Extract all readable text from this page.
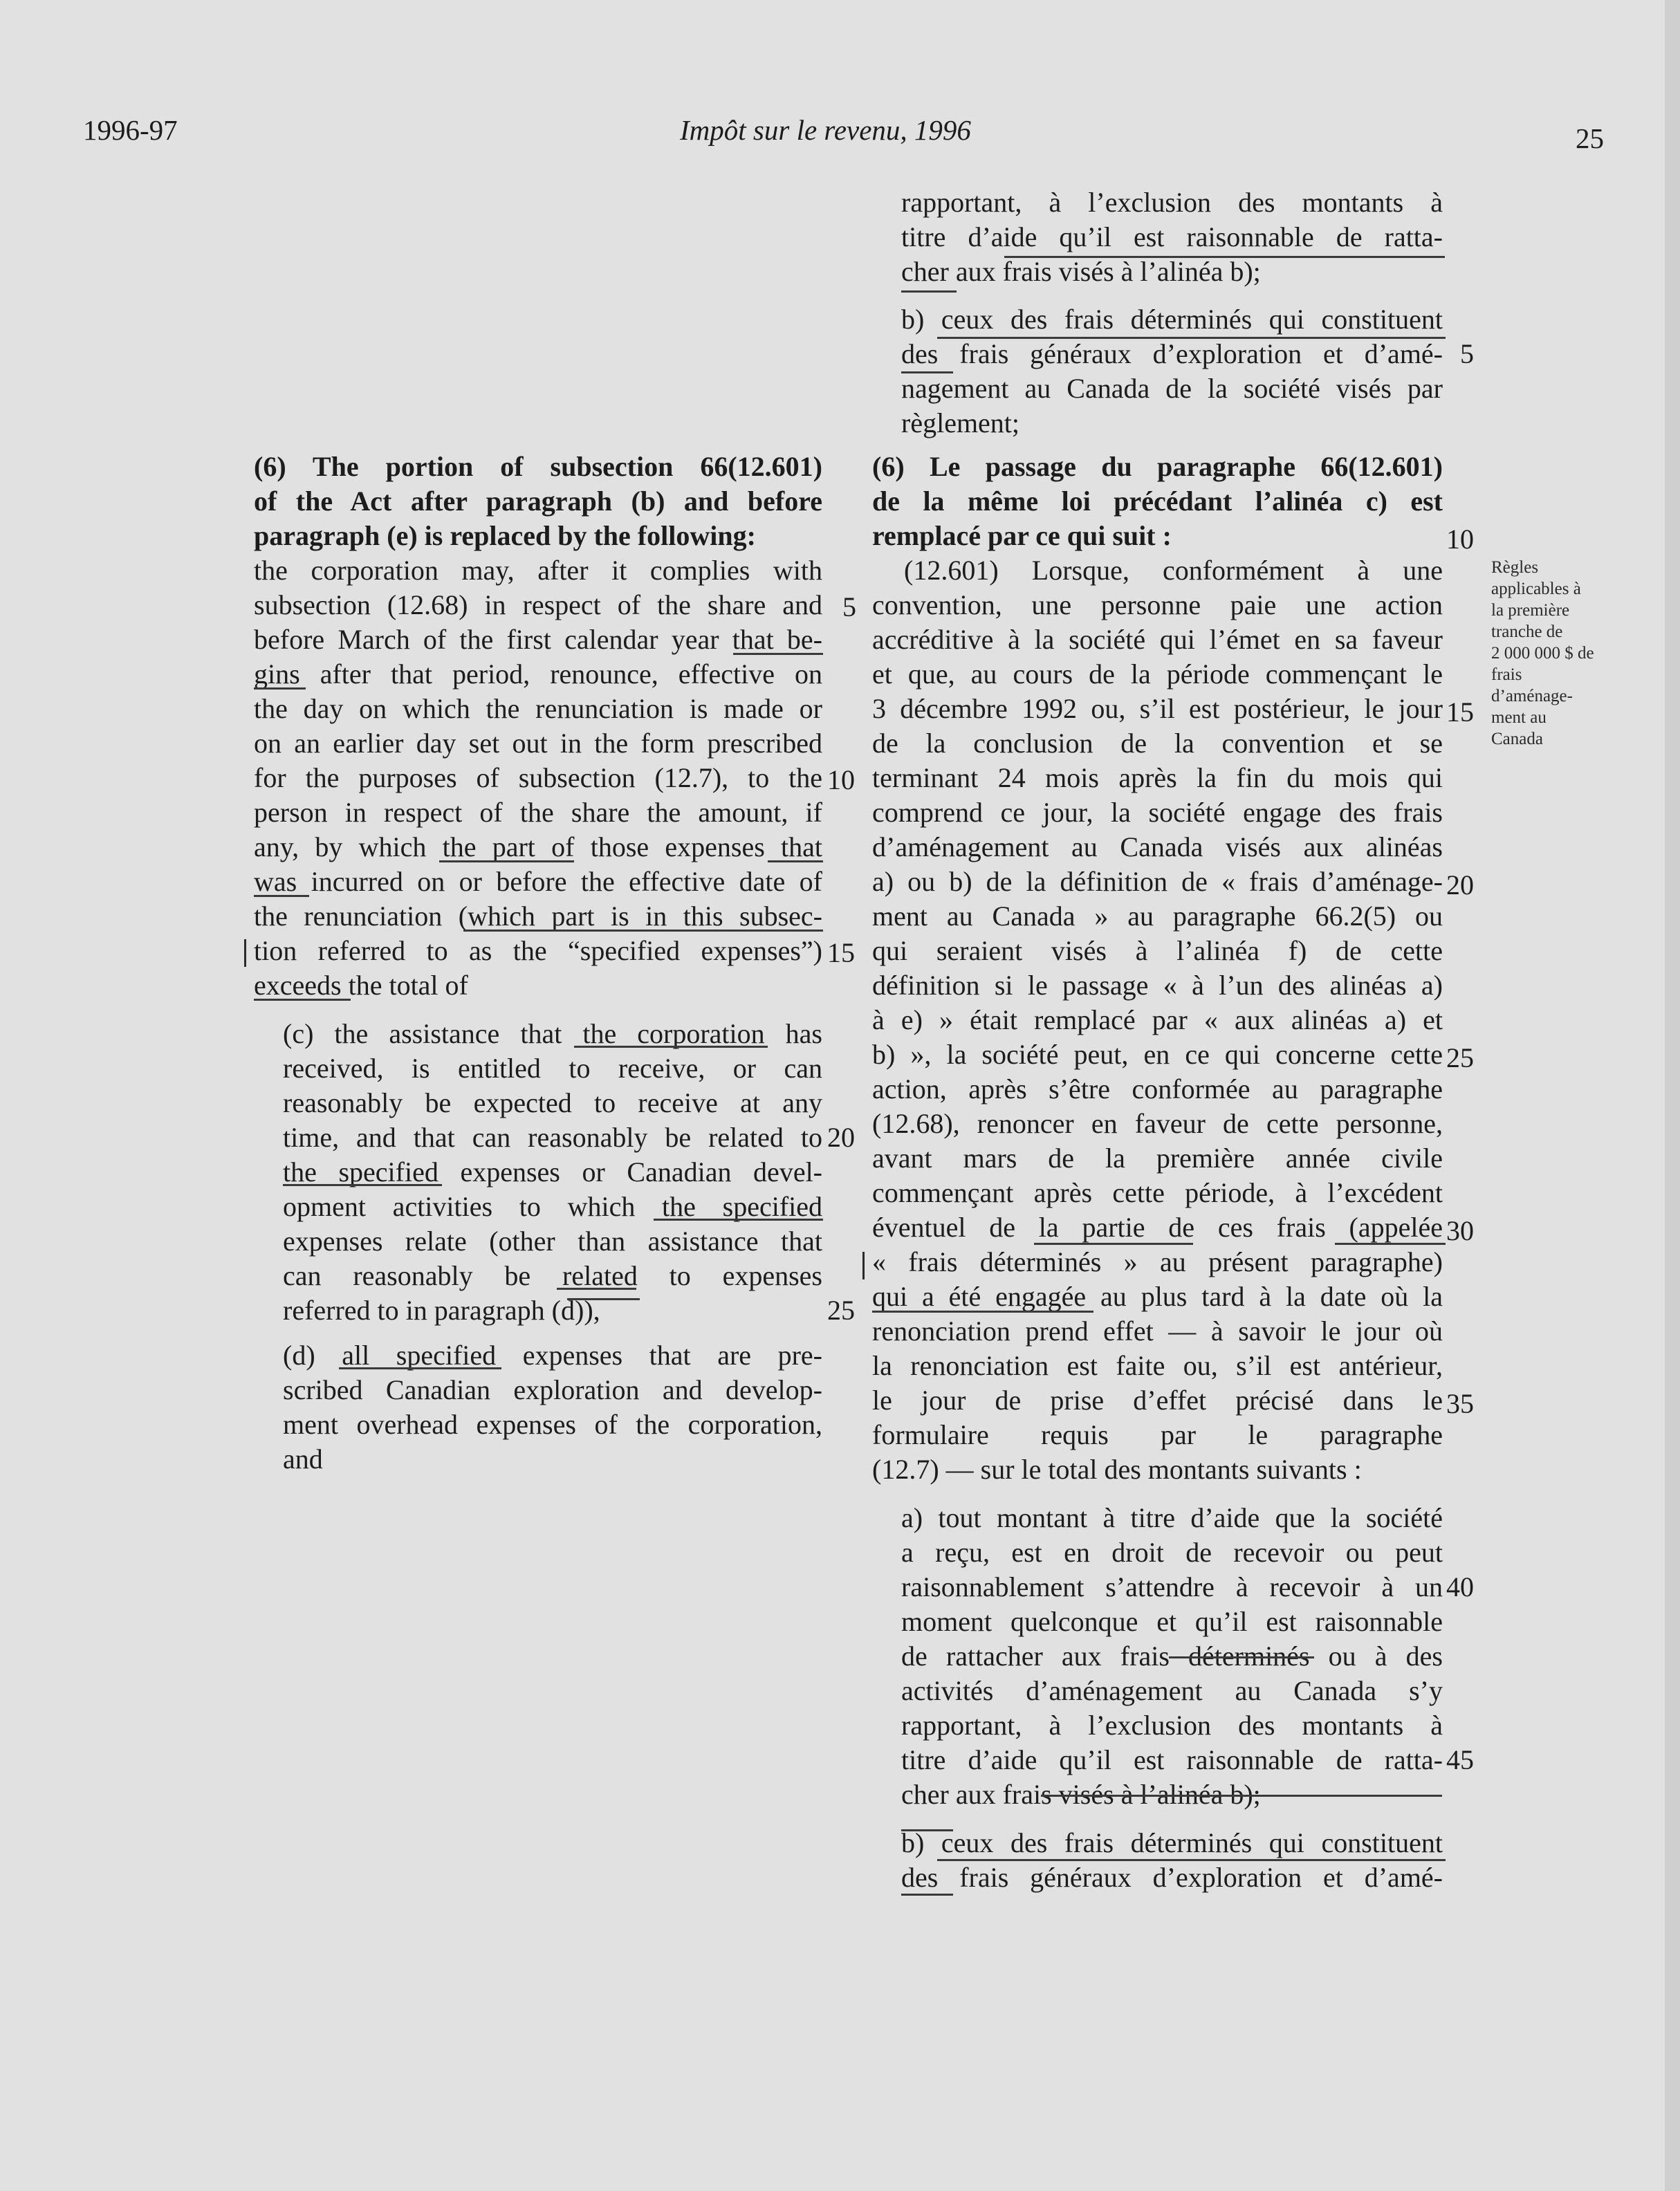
1996-97	Impôt sur le revenu, 1996	25
(6) The portion of subsection 66(12.601)
of the Act after paragraph (b) and before
paragraph (e) is replaced by the following:
the corporation may, after it complies with
subsection (12.68) in respect of the share and
before March of the first calendar year that be-
gins after that period, renounce, effective on
the day on which the renunciation is made or
on an earlier day set out in the form prescribed
for the purposes of subsection (12.7), to the
person in respect of the share the amount, if
any, by which the part of those expenses that
was incurred on or before the effective date of
the renunciation (which part is in this subsec-
tion referred to as the “specified expenses”)
exceeds the total of
(c) the assistance that the corporation has
received, is entitled to receive, or can
reasonably be expected to receive at any
time, and that can reasonably be related to
the specified expenses or Canadian devel-
opment activities to which the specified
expenses relate (other than assistance that
can reasonably be related to expenses
referred to in paragraph (d)),
(d) all specified expenses that are pre-
scribed Canadian exploration and develop-
ment overhead expenses of the corporation,
and
5
10
15
20
25
rapportant, à l’exclusion des montants à
titre d’aide qu’il est raisonnable de ratta-
cher aux frais visés à l’alinéa b);
b) ceux des frais déterminés qui constituent
des frais généraux d’exploration et d’amé-
nagement au Canada de la société visés par
règlement;
(6) Le passage du paragraphe 66(12.601)
de la même loi précédant l’alinéa c) est
remplacé par ce qui suit :
(12.601) Lorsque, conformément à une
convention, une personne paie une action
accréditive à la société qui l’émet en sa faveur
et que, au cours de la période commençant le
3 décembre 1992 ou, s’il est postérieur, le jour
de la conclusion de la convention et se
terminant 24 mois après la fin du mois qui
comprend ce jour, la société engage des frais
d’aménagement au Canada visés aux alinéas
a) ou b) de la définition de « frais d’aménage-
ment au Canada » au paragraphe 66.2(5) ou
qui seraient visés à l’alinéa f) de cette
définition si le passage « à l’un des alinéas a)
à e) » était remplacé par « aux alinéas a) et
b) », la société peut, en ce qui concerne cette
action, après s’être conformée au paragraphe
(12.68), renoncer en faveur de cette personne,
avant mars de la première année civile
commençant après cette période, à l’excédent
éventuel de la partie de ces frais (appelée
« frais déterminés » au présent paragraphe)
qui a été engagée au plus tard à la date où la
renonciation prend effet — à savoir le jour où
la renonciation est faite ou, s’il est antérieur,
le jour de prise d’effet précisé dans le
formulaire requis par le paragraphe
(12.7) — sur le total des montants suivants :
a) tout montant à titre d’aide que la société
a reçu, est en droit de recevoir ou peut
raisonnablement s’attendre à recevoir à un
moment quelconque et qu’il est raisonnable
de rattacher aux frais déterminés ou à des
activités d’aménagement au Canada s’y
rapportant, à l’exclusion des montants à
titre d’aide qu’il est raisonnable de ratta-
cher aux frais visés à l’alinéa b);
b) ceux des frais déterminés qui constituent
des frais généraux d’exploration et d’amé-
5
10
15
20
25
30
35
40
45
Règles
applicables à
la première
tranche de
2 000 000 $ de
frais
d’aménage-
ment au
Canada
